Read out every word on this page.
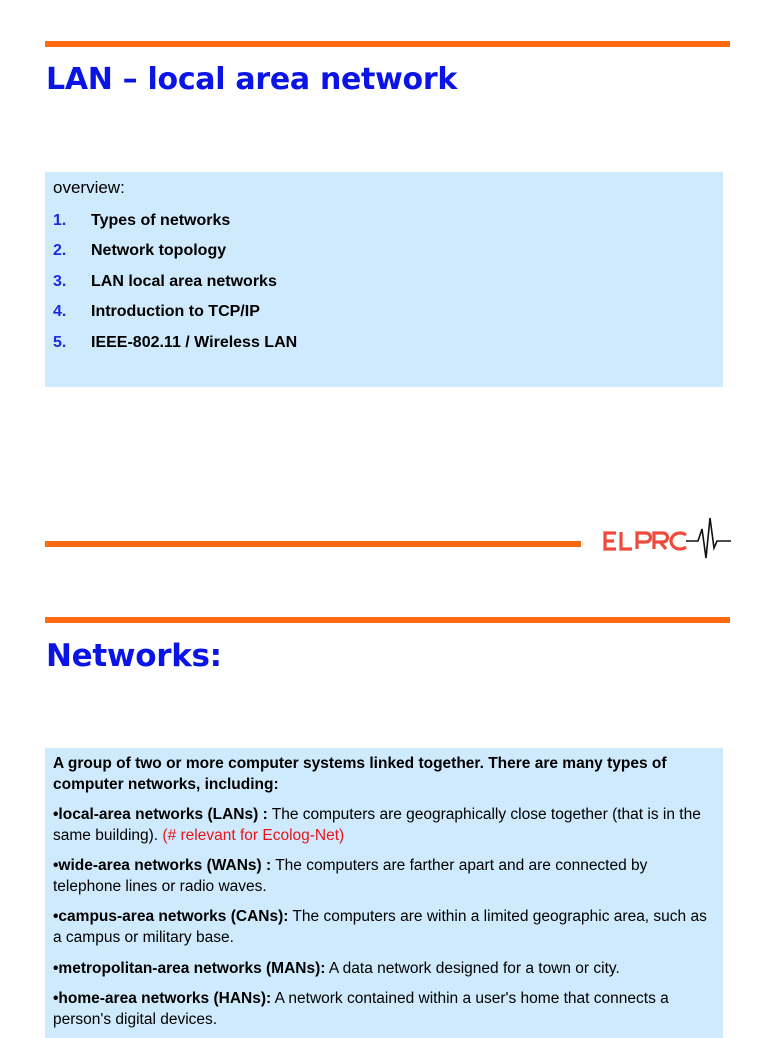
LAN – local area network
overview:
1.	Types of networks
2.	Network topology
3.	LAN local area networks
4.	Introduction to TCP/IP
5.	IEEE-802.11 / Wireless LAN
ELPRO
Networks:
A group of two or more computer systems linked together. There are many types of computer networks, including:
•local-area networks (LANs) : The computers are geographically close together (that is in the same building). (# relevant for Ecolog-Net)
•wide-area networks (WANs) : The computers are farther apart and are connected by telephone lines or radio waves.
•campus-area networks (CANs): The computers are within a limited geographic area, such as a campus or military base.
•metropolitan-area networks (MANs): A data network designed for a town or city.
•home-area networks (HANs): A network contained within a user's home that connects a person's digital devices.
